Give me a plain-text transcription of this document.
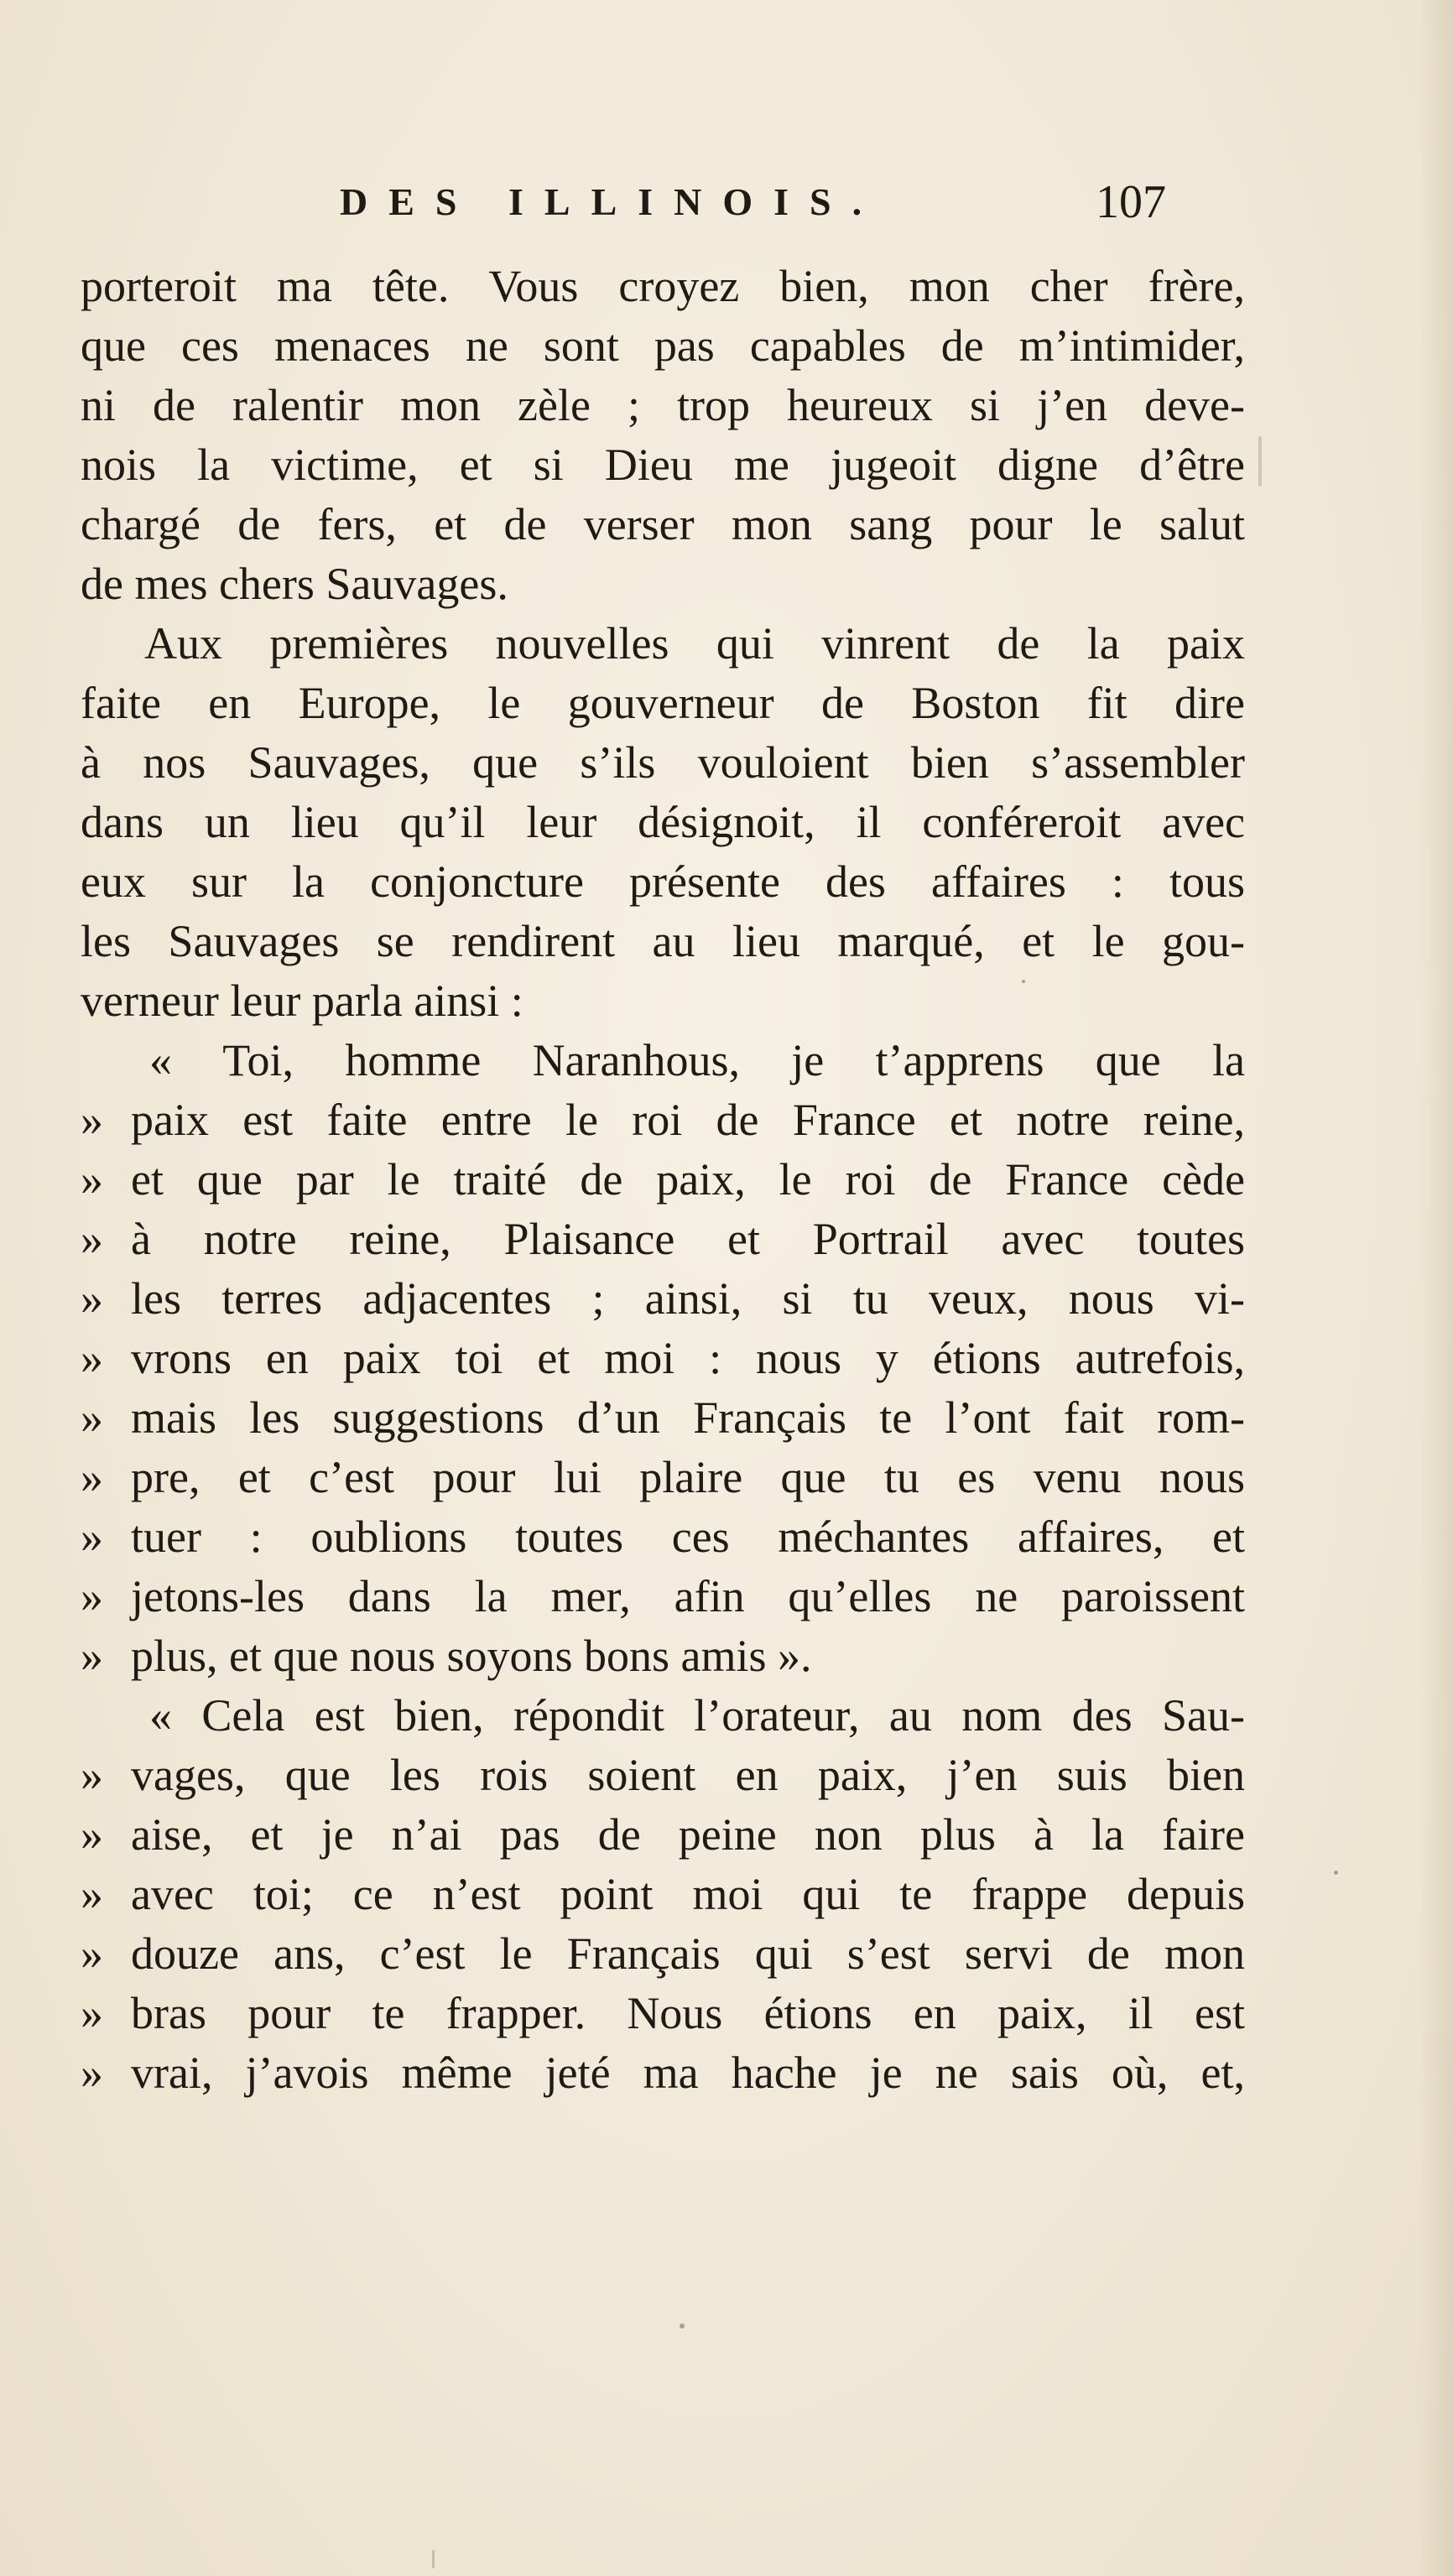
DES ILLINOIS.	107
porteroit ma tête. Vous croyez bien, mon cher frère,
que ces menaces ne sont pas capables de m’intimider,
ni de ralentir mon zèle ; trop heureux si j’en deve-
nois la victime, et si Dieu me jugeoit digne d’être
chargé de fers, et de verser mon sang pour le salut
de mes chers Sauvages.
Aux premières nouvelles qui vinrent de la paix
faite en Europe, le gouverneur de Boston fit dire
à nos Sauvages, que s’ils vouloient bien s’assembler
dans un lieu qu’il leur désignoit, il conféreroit avec
eux sur la conjoncture présente des affaires : tous
les Sauvages se rendirent au lieu marqué, et le gou-
verneur leur parla ainsi :
« Toi, homme Naranhous, je t’apprens que la
» paix est faite entre le roi de France et notre reine,
» et que par le traité de paix, le roi de France cède
» à notre reine, Plaisance et Portrail avec toutes
» les terres adjacentes ; ainsi, si tu veux, nous vi-
» vrons en paix toi et moi : nous y étions autrefois,
» mais les suggestions d’un Français te l’ont fait rom-
» pre, et c’est pour lui plaire que tu es venu nous
» tuer : oublions toutes ces méchantes affaires, et
» jetons-les dans la mer, afin qu’elles ne paroissent
» plus, et que nous soyons bons amis ».
« Cela est bien, répondit l’orateur, au nom des Sau-
» vages, que les rois soient en paix, j’en suis bien
» aise, et je n’ai pas de peine non plus à la faire
» avec toi; ce n’est point moi qui te frappe depuis
» douze ans, c’est le Français qui s’est servi de mon
» bras pour te frapper. Nous étions en paix, il est
» vrai, j’avois même jeté ma hache je ne sais où, et,
